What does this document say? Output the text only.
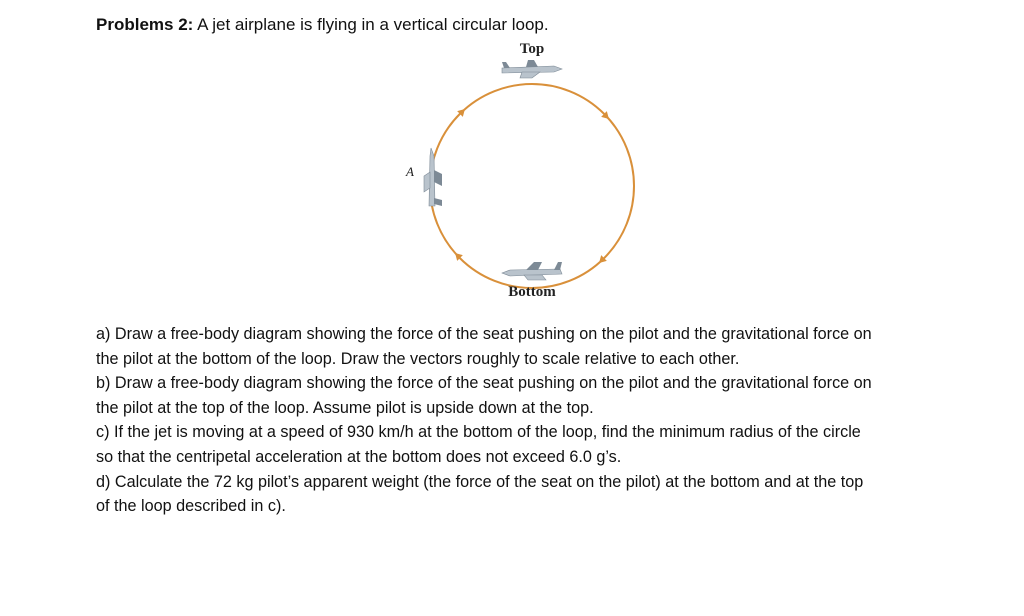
Problems 2: A jet airplane is flying in a vertical circular loop.
Top
Bottom
A

a) Draw a free-body diagram showing the force of the seat pushing on the pilot and the gravitational force on the pilot at the bottom of the loop. Draw the vectors roughly to scale relative to each other.

b) Draw a free-body diagram showing the force of the seat pushing on the pilot and the gravitational force on the pilot at the top of the loop. Assume pilot is upside down at the top.

c) If the jet is moving at a speed of 930 km/h at the bottom of the loop, find the minimum radius of the circle so that the centripetal acceleration at the bottom does not exceed 6.0 g’s.

d) Calculate the 72 kg pilot’s apparent weight (the force of the seat on the pilot) at the bottom and at the top of the loop described in c).
